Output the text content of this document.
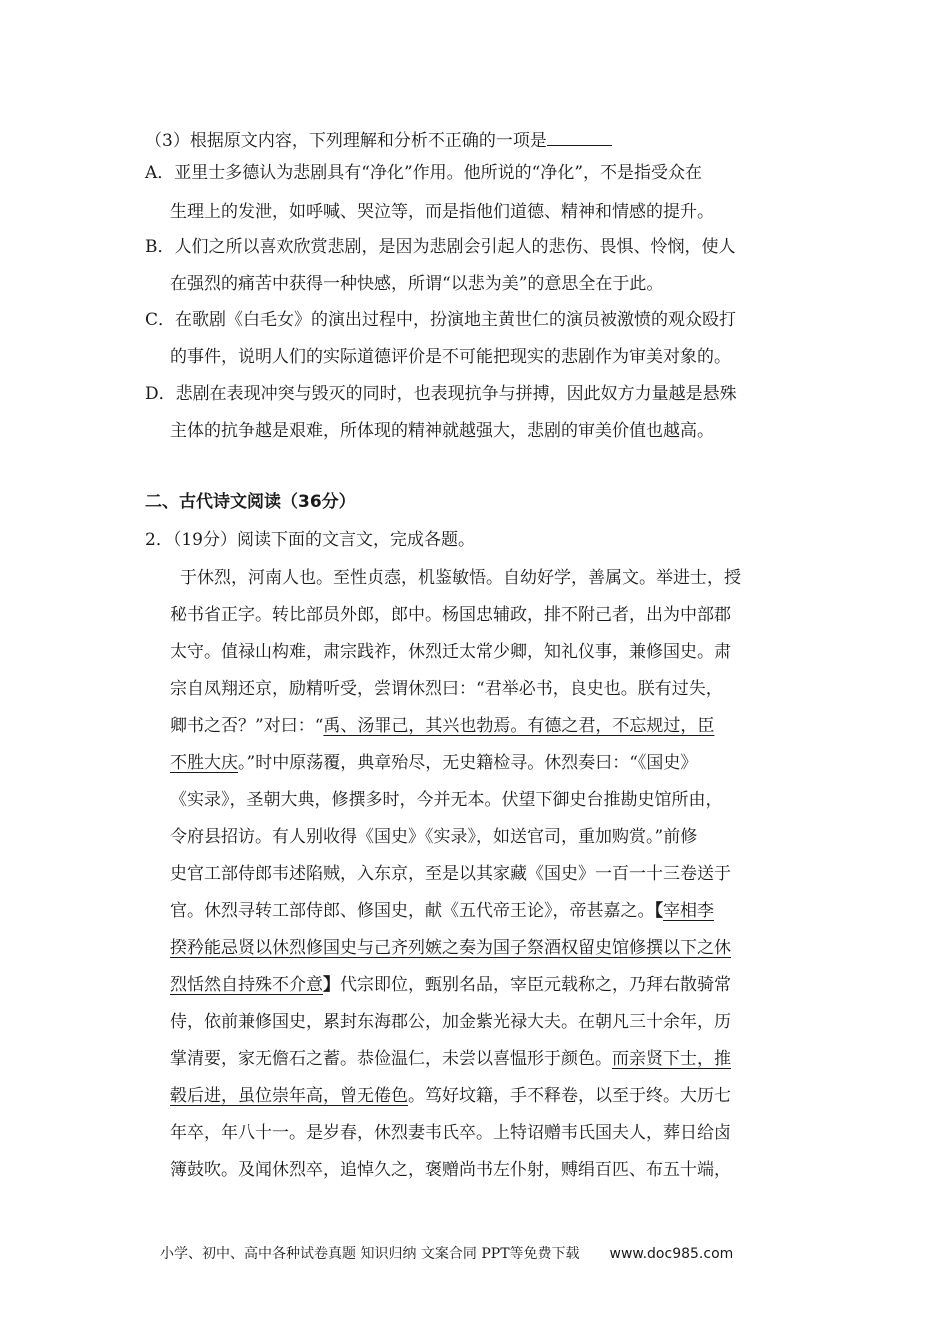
（3）根据原文内容，下列理解和分析不正确的一项是
A．亚里士多德认为悲剧具有“净化”作用。他所说的“净化”，不是指受众在
生理上的发泄，如呼喊、哭泣等，而是指他们道德、精神和情感的提升。
B．人们之所以喜欢欣赏悲剧，是因为悲剧会引起人的悲伤、畏惧、怜悯，使人
在强烈的痛苦中获得一种快感，所谓“以悲为美”的意思全在于此。
C．在歌剧《白毛女》的演出过程中，扮演地主黄世仁的演员被激愤的观众殴打
的事件，说明人们的实际道德评价是不可能把现实的悲剧作为审美对象的。
D．悲剧在表现冲突与毁灭的同时，也表现抗争与拼搏，因此奴方力量越是悬殊
主体的抗争越是艰难，所体现的精神就越强大，悲剧的审美价值也越高。
二、古代诗文阅读（36分）
2．（19分）阅读下面的文言文，完成各题。
于休烈，河南人也。至性贞悫，机鉴敏悟。自幼好学，善属文。举进士，授
秘书省正字。转比部员外郎，郎中。杨国忠辅政，排不附己者，出为中部郡
太守。值禄山构难，肃宗践祚，休烈迁太常少卿，知礼仪事，兼修国史。肃
宗自凤翔还京，励精听受，尝谓休烈曰：“君举必书，良史也。朕有过失，
卿书之否？”对曰：“禹、汤罪己，其兴也勃焉。有德之君，不忘规过，臣
不胜大庆。”时中原荡覆，典章殆尽，无史籍检寻。休烈奏曰：“《国史》
《实录》，圣朝大典，修撰多时，今并无本。伏望下御史台推勘史馆所由，
令府县招访。有人别收得《国史》《实录》，如送官司，重加购赏。”前修
史官工部侍郎韦述陷贼，入东京，至是以其家藏《国史》一百一十三卷送于
官。休烈寻转工部侍郎、修国史，献《五代帝王论》，帝甚嘉之。【宰相李
揆矜能忌贤以休烈修国史与己齐列嫉之奏为国子祭酒权留史馆修撰以下之休
烈恬然自持殊不介意】代宗即位，甄别名品，宰臣元载称之，乃拜右散骑常
侍，依前兼修国史，累封东海郡公，加金紫光禄大夫。在朝凡三十余年，历
掌清要，家无儋石之蓄。恭俭温仁，未尝以喜愠形于颜色。而亲贤下士，推
毂后进，虽位崇年高，曾无倦色。笃好坟籍，手不释卷，以至于终。大历七
年卒，年八十一。是岁春，休烈妻韦氏卒。上特诏赠韦氏国夫人，葬日给卤
簿鼓吹。及闻休烈卒，追悼久之，褒赠尚书左仆射，赙绢百匹、布五十端，
小学、初中、高中各种试卷真题 知识归纳 文案合同 PPT等免费下载 www.doc985.com
